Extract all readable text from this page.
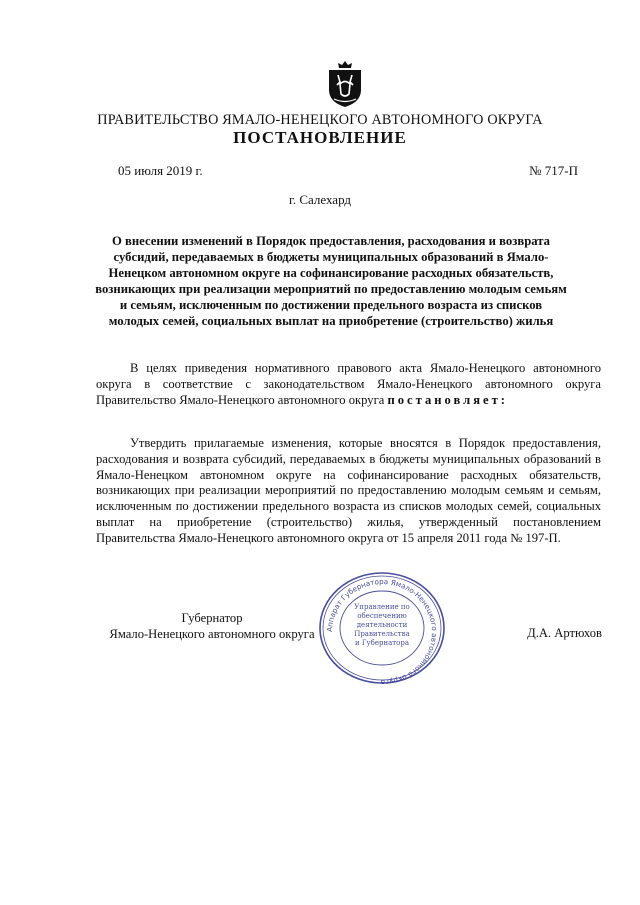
ПРАВИТЕЛЬСТВО ЯМАЛО-НЕНЕЦКОГО АВТОНОМНОГО ОКРУГА
ПОСТАНОВЛЕНИЕ
05 июля 2019 г.	№ 717-П
г. Салехард
О внесении изменений в Порядок предоставления, расходования и возврата субсидий, передаваемых в бюджеты муниципальных образований в Ямало-Ненецком автономном округе на софинансирование расходных обязательств, возникающих при реализации мероприятий по предоставлению молодым семьям и семьям, исключенным по достижении предельного возраста из списков молодых семей, социальных выплат на приобретение (строительство) жилья

В целях приведения нормативного правового акта Ямало-Ненецкого автономного округа в соответствие с законодательством Ямало-Ненецкого автономного округа Правительство Ямало-Ненецкого автономного округа постановляет:

Утвердить прилагаемые изменения, которые вносятся в Порядок предоставления, расходования и возврата субсидий, передаваемых в бюджеты муниципальных образований в Ямало-Ненецком автономном округе на софинансирование расходных обязательств, возникающих при реализации мероприятий по предоставлению молодым семьям и семьям, исключенным по достижении предельного возраста из списков молодых семей, социальных выплат на приобретение (строительство) жилья, утвержденный постановлением Правительства Ямало-Ненецкого автономного округа от 15 апреля 2011 года № 197-П.

Губернатор
Ямало-Ненецкого автономного округа	Аппарат Губернатора Ямало-Ненецкого автономного округа
Управление по обеспечению деятельности Правительства и Губернатора
Д.А. Артюхов
